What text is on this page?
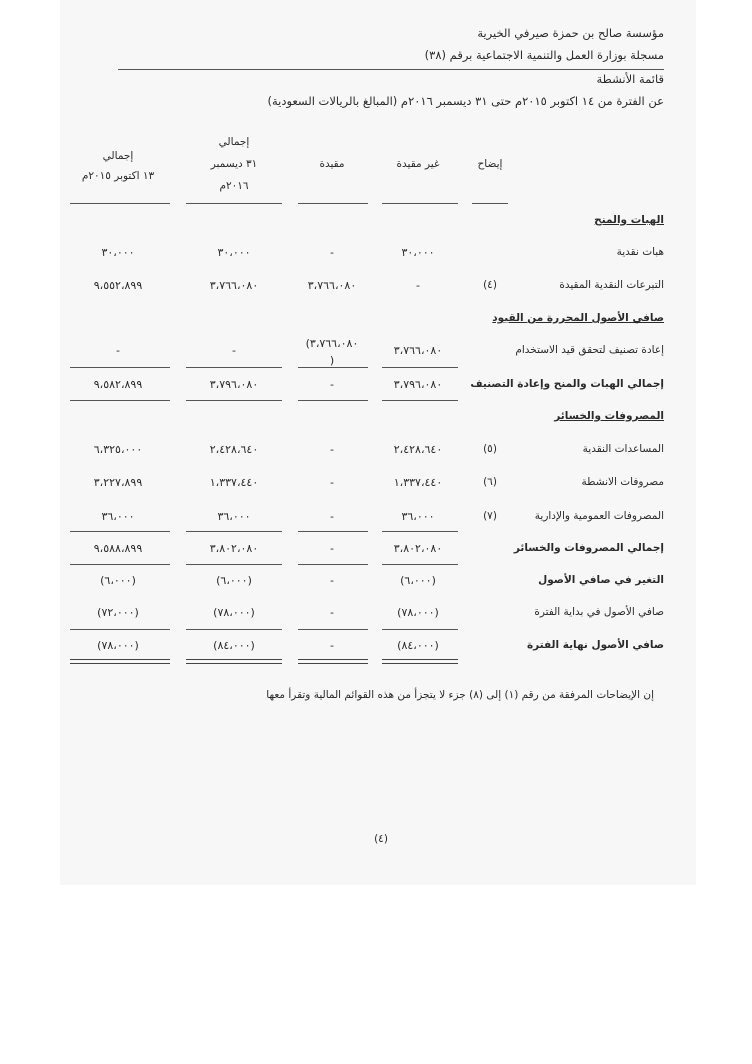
مؤسسة صالح بن حمزة صيرفي الخيرية
مسجلة بوزارة العمل والتنمية الاجتماعية برقم (٣٨)
قائمة الأنشطة
عن الفترة من ١٤ اكتوبر ٢٠١٥م حتى ٣١ ديسمبر ٢٠١٦م (المبالغ بالريالات السعودية)
إيضاح
غير مقيدة
مقيدة
إجمالي
٣١ ديسمبر
٢٠١٦م
إجمالي
١٣ اكتوبر ٢٠١٥م
الهبات والمنح
هبات نقدية
٣٠،٠٠٠
-
٣٠،٠٠٠
٣٠،٠٠٠
التبرعات النقدية المقيدة
(٤)
-
٣،٧٦٦،٠٨٠
٣،٧٦٦،٠٨٠
٩،٥٥٢،٨٩٩
صافي الأصول المحررة من القيود
إعادة تصنيف لتحقق قيد الاستخدام
٣،٧٦٦،٠٨٠
(٣،٧٦٦،٠٨٠
)
-
-
إجمالي الهبات والمنح وإعادة التصنيف
٣،٧٩٦،٠٨٠
-
٣،٧٩٦،٠٨٠
٩،٥٨٢،٨٩٩
المصروفات والخسائر
المساعدات النقدية
(٥)
٢،٤٢٨،٦٤٠
-
٢،٤٢٨،٦٤٠
٦،٣٢٥،٠٠٠
مصروفات الانشطة
(٦)
١،٣٣٧،٤٤٠
-
١،٣٣٧،٤٤٠
٣،٢٢٧،٨٩٩
المصروفات العمومية والإدارية
(٧)
٣٦،٠٠٠
-
٣٦،٠٠٠
٣٦،٠٠٠
إجمالي المصروفات والخسائر
٣،٨٠٢،٠٨٠
-
٣،٨٠٢،٠٨٠
٩،٥٨٨،٨٩٩
التغير في صافي الأصول
(٦،٠٠٠)
-
(٦،٠٠٠)
(٦،٠٠٠)
صافي الأصول في بداية الفترة
(٧٨،٠٠٠)
-
(٧٨،٠٠٠)
(٧٢،٠٠٠)
صافي الأصول نهاية الفترة
(٨٤،٠٠٠)
-
(٨٤،٠٠٠)
(٧٨،٠٠٠)
إن الإيضاحات المرفقة من رقم (١) إلى (٨) جزء لا يتجزأ من هذه القوائم المالية وتقرأ معها
(٤)
